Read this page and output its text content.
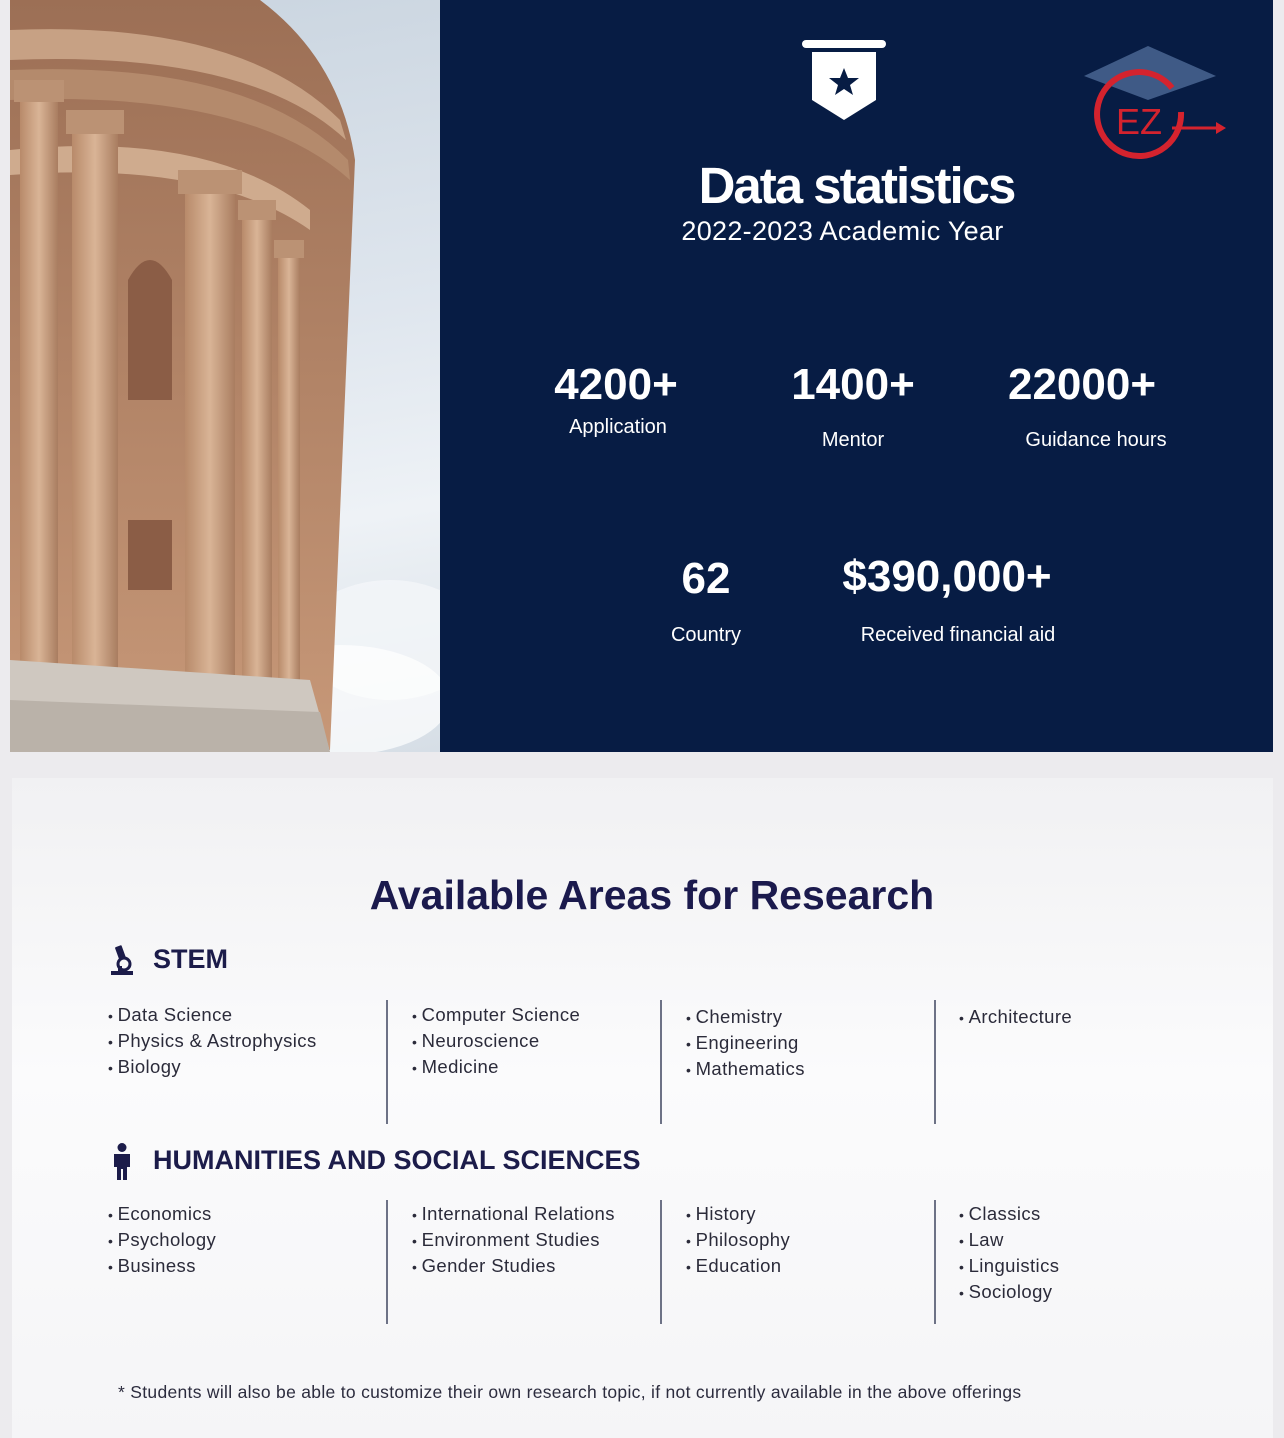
EZ
Data statistics
2022-2023 Academic Year
4200+
Application
1400+
Mentor
22000+
Guidance hours
62
Country
$390,000+
Received financial aid
Available Areas for Research
STEM
• Data Science
• Physics & Astrophysics
• Biology
• Computer Science
• Neuroscience
• Medicine
• Chemistry
• Engineering
• Mathematics
• Architecture
HUMANITIES AND SOCIAL SCIENCES
• Economics
• Psychology
• Business
• International Relations
• Environment Studies
• Gender Studies
• History
• Philosophy
• Education
• Classics
• Law
• Linguistics
• Sociology
* Students will also be able to customize their own research topic, if not currently available in the above offerings
